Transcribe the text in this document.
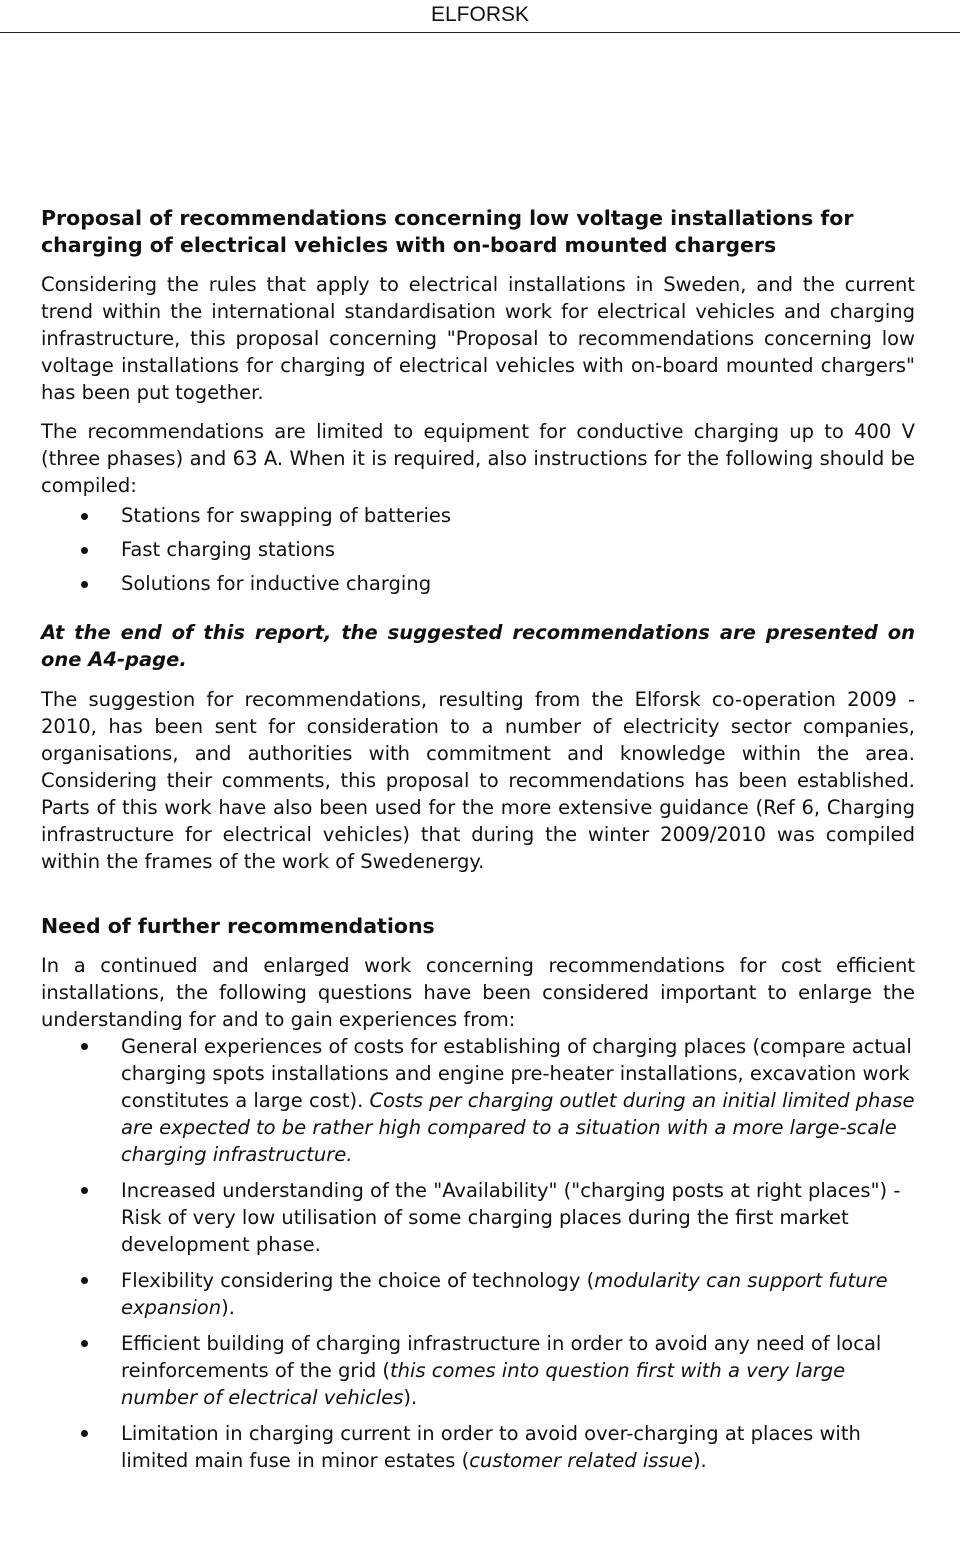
ELFORSK
Proposal of recommendations concerning low voltage installations for charging of electrical vehicles with on-board mounted chargers

Considering the rules that apply to electrical installations in Sweden, and the current trend within the international standardisation work for electrical vehicles and charging infrastructure, this proposal concerning "Proposal to recommendations concerning low voltage installations for charging of electrical vehicles with on-board mounted chargers" has been put together.

The recommendations are limited to equipment for conductive charging up to 400 V (three phases) and 63 A. When it is required, also instructions for the following should be compiled:

Stations for swapping of batteries
Fast charging stations
Solutions for inductive charging

At the end of this report, the suggested recommendations are presented on one A4-page.

The suggestion for recommendations, resulting from the Elforsk co-operation 2009 - 2010, has been sent for consideration to a number of electricity sector companies, organisations, and authorities with commitment and knowledge within the area. Considering their comments, this proposal to recommendations has been established. Parts of this work have also been used for the more extensive guidance (Ref 6, Charging infrastructure for electrical vehicles) that during the winter 2009/2010 was compiled within the frames of the work of Swedenergy.

Need of further recommendations

In a continued and enlarged work concerning recommendations for cost efficient installations, the following questions have been considered important to enlarge the understanding for and to gain experiences from:

General experiences of costs for establishing of charging places (compare actual charging spots installations and engine pre-heater installations, excavation work constitutes a large cost). Costs per charging outlet during an initial limited phase are expected to be rather high compared to a situation with a more large-scale charging infrastructure.
Increased understanding of the "Availability" ("charging posts at right places") - Risk of very low utilisation of some charging places during the first market development phase.
Flexibility considering the choice of technology (modularity can support future expansion).
Efficient building of charging infrastructure in order to avoid any need of local reinforcements of the grid (this comes into question first with a very large number of electrical vehicles).
Limitation in charging current in order to avoid over-charging at places with limited main fuse in minor estates (customer related issue).
